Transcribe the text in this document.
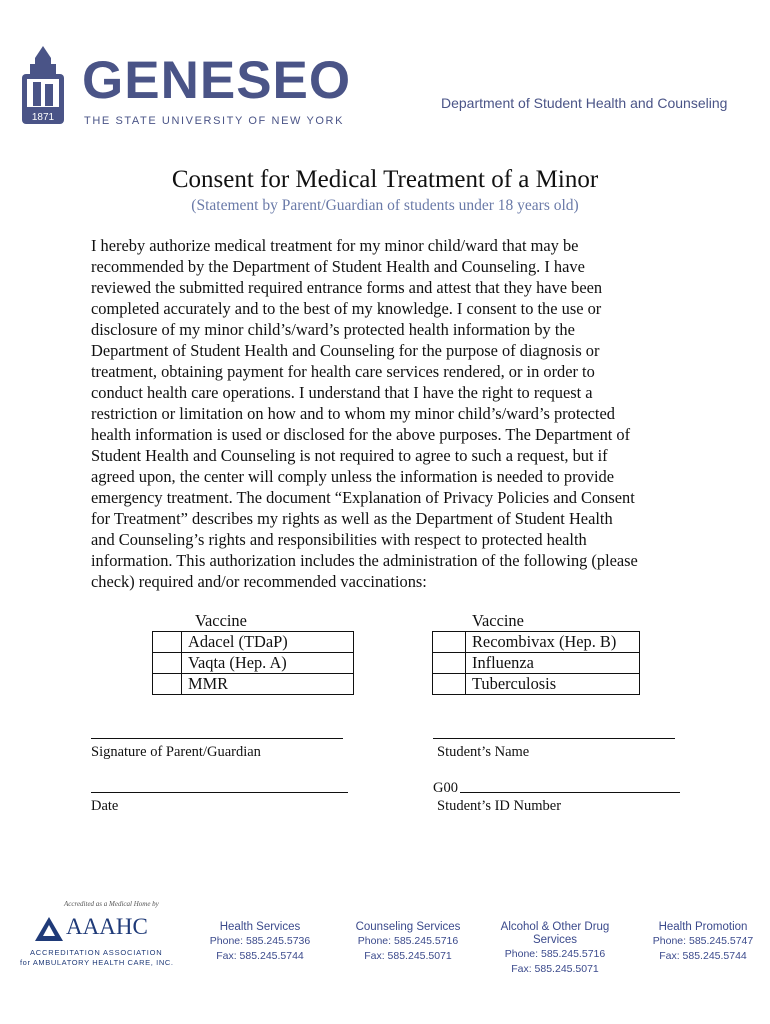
1871
GENESEO
THE STATE UNIVERSITY OF NEW YORK
Department of Student Health and Counseling
Consent for Medical Treatment of a Minor
(Statement by Parent/Guardian of students under 18 years old)
I hereby authorize medical treatment for my minor child/ward that may be
recommended by the Department of Student Health and Counseling. I have
reviewed the submitted required entrance forms and attest that they have been
completed accurately and to the best of my knowledge. I consent to the use or
disclosure of my minor child’s/ward’s protected health information by the
Department of Student Health and Counseling for the purpose of diagnosis or
treatment, obtaining payment for health care services rendered, or in order to
conduct health care operations. I understand that I have the right to request a
restriction or limitation on how and to whom my minor child’s/ward’s protected
health information is used or disclosed for the above purposes. The Department of
Student Health and Counseling is not required to agree to such a request, but if
agreed upon, the center will comply unless the information is needed to provide
emergency treatment. The document “Explanation of Privacy Policies and Consent
for Treatment” describes my rights as well as the Department of Student Health
and Counseling’s rights and responsibilities with respect to protected health
information. This authorization includes the administration of the following (please
check) required and/or recommended vaccinations:
Vaccine
	Adacel (TDaP)
	Vaqta (Hep. A)
	MMR
Vaccine
	Recombivax (Hep. B)
	Influenza
	Tuberculosis
Signature of Parent/Guardian	Student’s Name
Date
G00
Student’s ID Number
Accredited as a Medical Home by
AAAHC
ACCREDITATION ASSOCIATION
for AMBULATORY HEALTH CARE, INC.
Health Services
Phone: 585.245.5736
Fax: 585.245.5744
Counseling Services
Phone: 585.245.5716
Fax: 585.245.5071
Alcohol & Other Drug Services
Phone: 585.245.5716
Fax: 585.245.5071
Health Promotion
Phone: 585.245.5747
Fax: 585.245.5744
